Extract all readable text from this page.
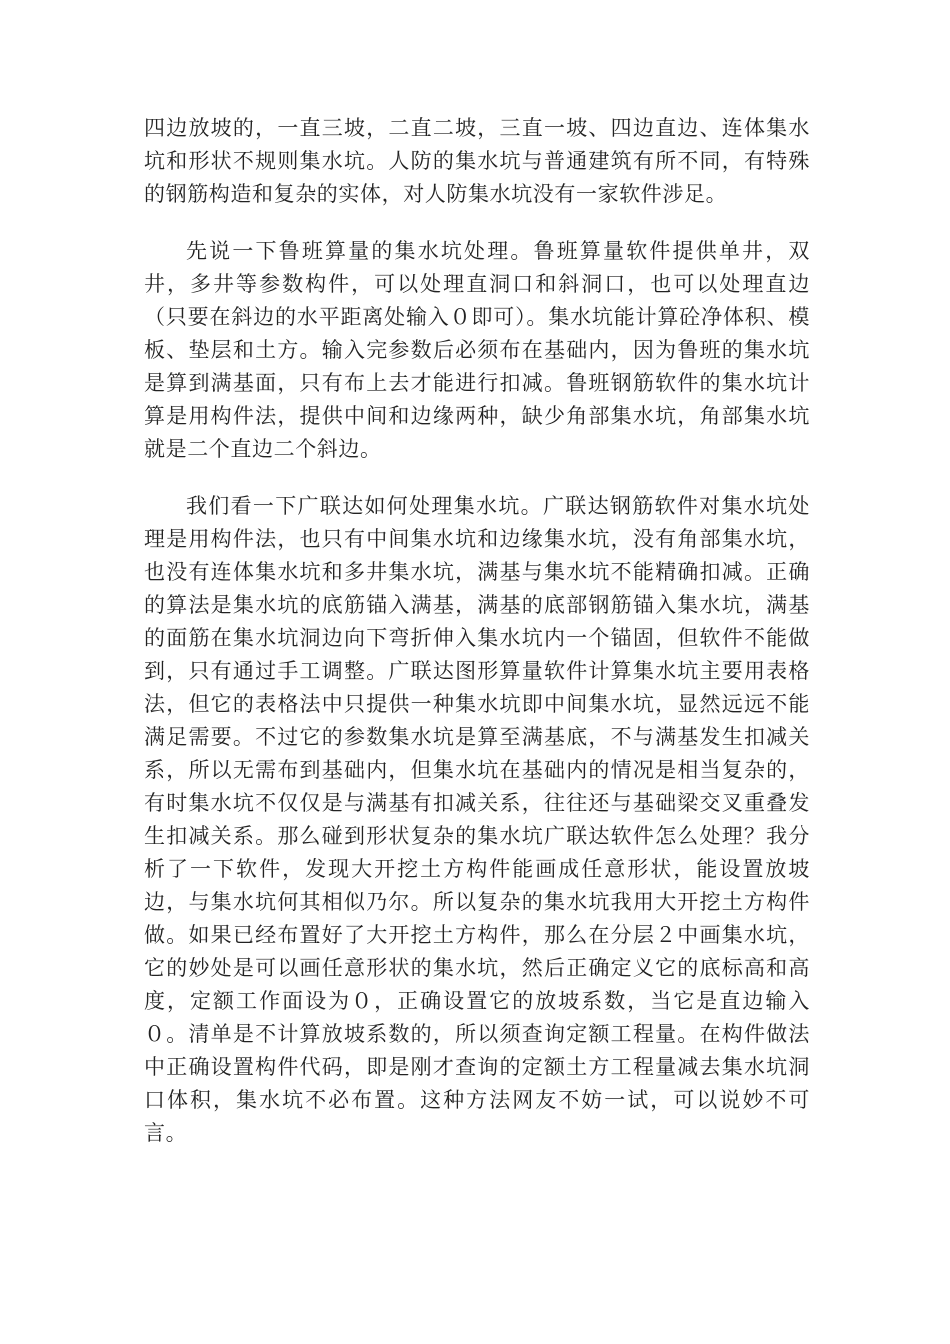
四边放坡的，一直三坡，二直二坡，三直一坡、四边直边、连体集水坑和形状不规则集水坑。人防的集水坑与普通建筑有所不同，有特殊的钢筋构造和复杂的实体，对人防集水坑没有一家软件涉足。

先说一下鲁班算量的集水坑处理。鲁班算量软件提供单井，双井，多井等参数构件，可以处理直洞口和斜洞口，也可以处理直边（只要在斜边的水平距离处输入０即可）。集水坑能计算砼净体积、模板、垫层和土方。输入完参数后必须布在基础内，因为鲁班的集水坑是算到满基面，只有布上去才能进行扣减。鲁班钢筋软件的集水坑计算是用构件法，提供中间和边缘两种，缺少角部集水坑，角部集水坑就是二个直边二个斜边。

我们看一下广联达如何处理集水坑。广联达钢筋软件对集水坑处理是用构件法，也只有中间集水坑和边缘集水坑，没有角部集水坑，也没有连体集水坑和多井集水坑，满基与集水坑不能精确扣减。正确的算法是集水坑的底筋锚入满基，满基的底部钢筋锚入集水坑，满基的面筋在集水坑洞边向下弯折伸入集水坑内一个锚固，但软件不能做到，只有通过手工调整。广联达图形算量软件计算集水坑主要用表格法，但它的表格法中只提供一种集水坑即中间集水坑，显然远远不能满足需要。不过它的参数集水坑是算至满基底，不与满基发生扣减关系，所以无需布到基础内，但集水坑在基础内的情况是相当复杂的，有时集水坑不仅仅是与满基有扣减关系，往往还与基础梁交叉重叠发生扣减关系。那么碰到形状复杂的集水坑广联达软件怎么处理？我分析了一下软件，发现大开挖土方构件能画成任意形状，能设置放坡边，与集水坑何其相似乃尔。所以复杂的集水坑我用大开挖土方构件做。如果已经布置好了大开挖土方构件，那么在分层２中画集水坑，它的妙处是可以画任意形状的集水坑，然后正确定义它的底标高和高度，定额工作面设为０，正确设置它的放坡系数，当它是直边输入０。清单是不计算放坡系数的，所以须查询定额工程量。在构件做法中正确设置构件代码，即是刚才查询的定额土方工程量减去集水坑洞口体积，集水坑不必布置。这种方法网友不妨一试，可以说妙不可言。
